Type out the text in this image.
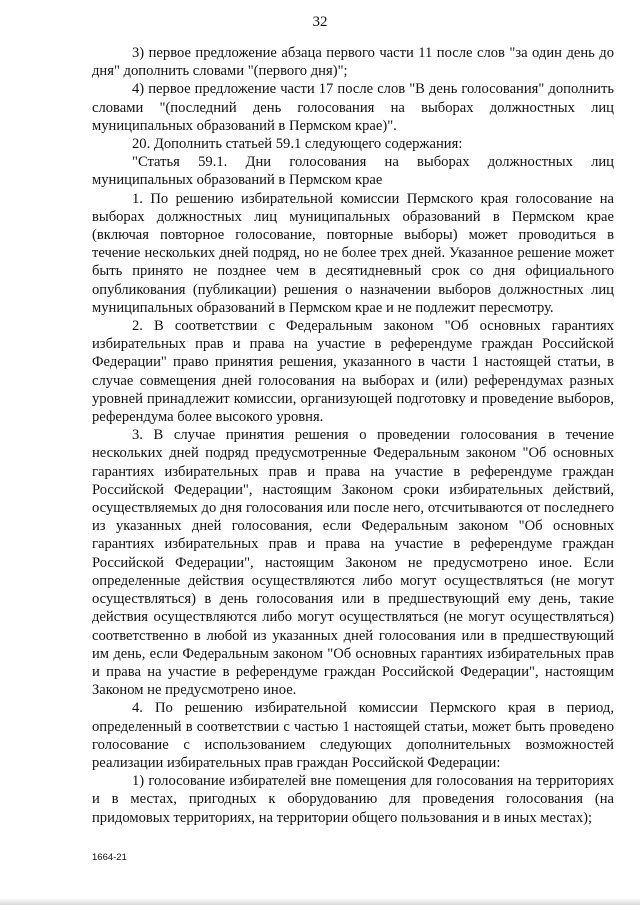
32

3) первое предложение абзаца первого части 11 после слов "за один день до дня" дополнить словами "(первого дня)";

4) первое предложение части 17 после слов "В день голосования" дополнить словами "(последний день голосования на выборах должностных лиц муниципальных образований в Пермском крае)".

20. Дополнить статьей 59.1 следующего содержания:

"Статья 59.1. Дни голосования на выборах должностных лиц муниципальных образований в Пермском крае

1. По решению избирательной комиссии Пермского края голосование на выборах должностных лиц муниципальных образований в Пермском крае (включая повторное голосование, повторные выборы) может проводиться в течение нескольких дней подряд, но не более трех дней. Указанное решение может быть принято не позднее чем в десятидневный срок со дня официального опубликования (публикации) решения о назначении выборов должностных лиц муниципальных образований в Пермском крае и не подлежит пересмотру.

2. В соответствии с Федеральным законом "Об основных гарантиях избирательных прав и права на участие в референдуме граждан Российской Федерации" право принятия решения, указанного в части 1 настоящей статьи, в случае совмещения дней голосования на выборах и (или) референдумах разных уровней принадлежит комиссии, организующей подготовку и проведение выборов, референдума более высокого уровня.

3. В случае принятия решения о проведении голосования в течение нескольких дней подряд предусмотренные Федеральным законом "Об основных гарантиях избирательных прав и права на участие в референдуме граждан Российской Федерации", настоящим Законом сроки избирательных действий, осуществляемых до дня голосования или после него, отсчитываются от последнего из указанных дней голосования, если Федеральным законом "Об основных гарантиях избирательных прав и права на участие в референдуме граждан Российской Федерации", настоящим Законом не предусмотрено иное. Если определенные действия осуществляются либо могут осуществляться (не могут осуществляться) в день голосования или в предшествующий ему день, такие действия осуществляются либо могут осуществляться (не могут осуществляться) соответственно в любой из указанных дней голосования или в предшествующий им день, если Федеральным законом "Об основных гарантиях избирательных прав и права на участие в референдуме граждан Российской Федерации", настоящим Законом не предусмотрено иное.

4. По решению избирательной комиссии Пермского края в период, определенный в соответствии с частью 1 настоящей статьи, может быть проведено голосование с использованием следующих дополнительных возможностей реализации избирательных прав граждан Российской Федерации:

1) голосование избирателей вне помещения для голосования на территориях и в местах, пригодных к оборудованию для проведения голосования (на придомовых территориях, на территории общего пользования и в иных местах);

1664-21
